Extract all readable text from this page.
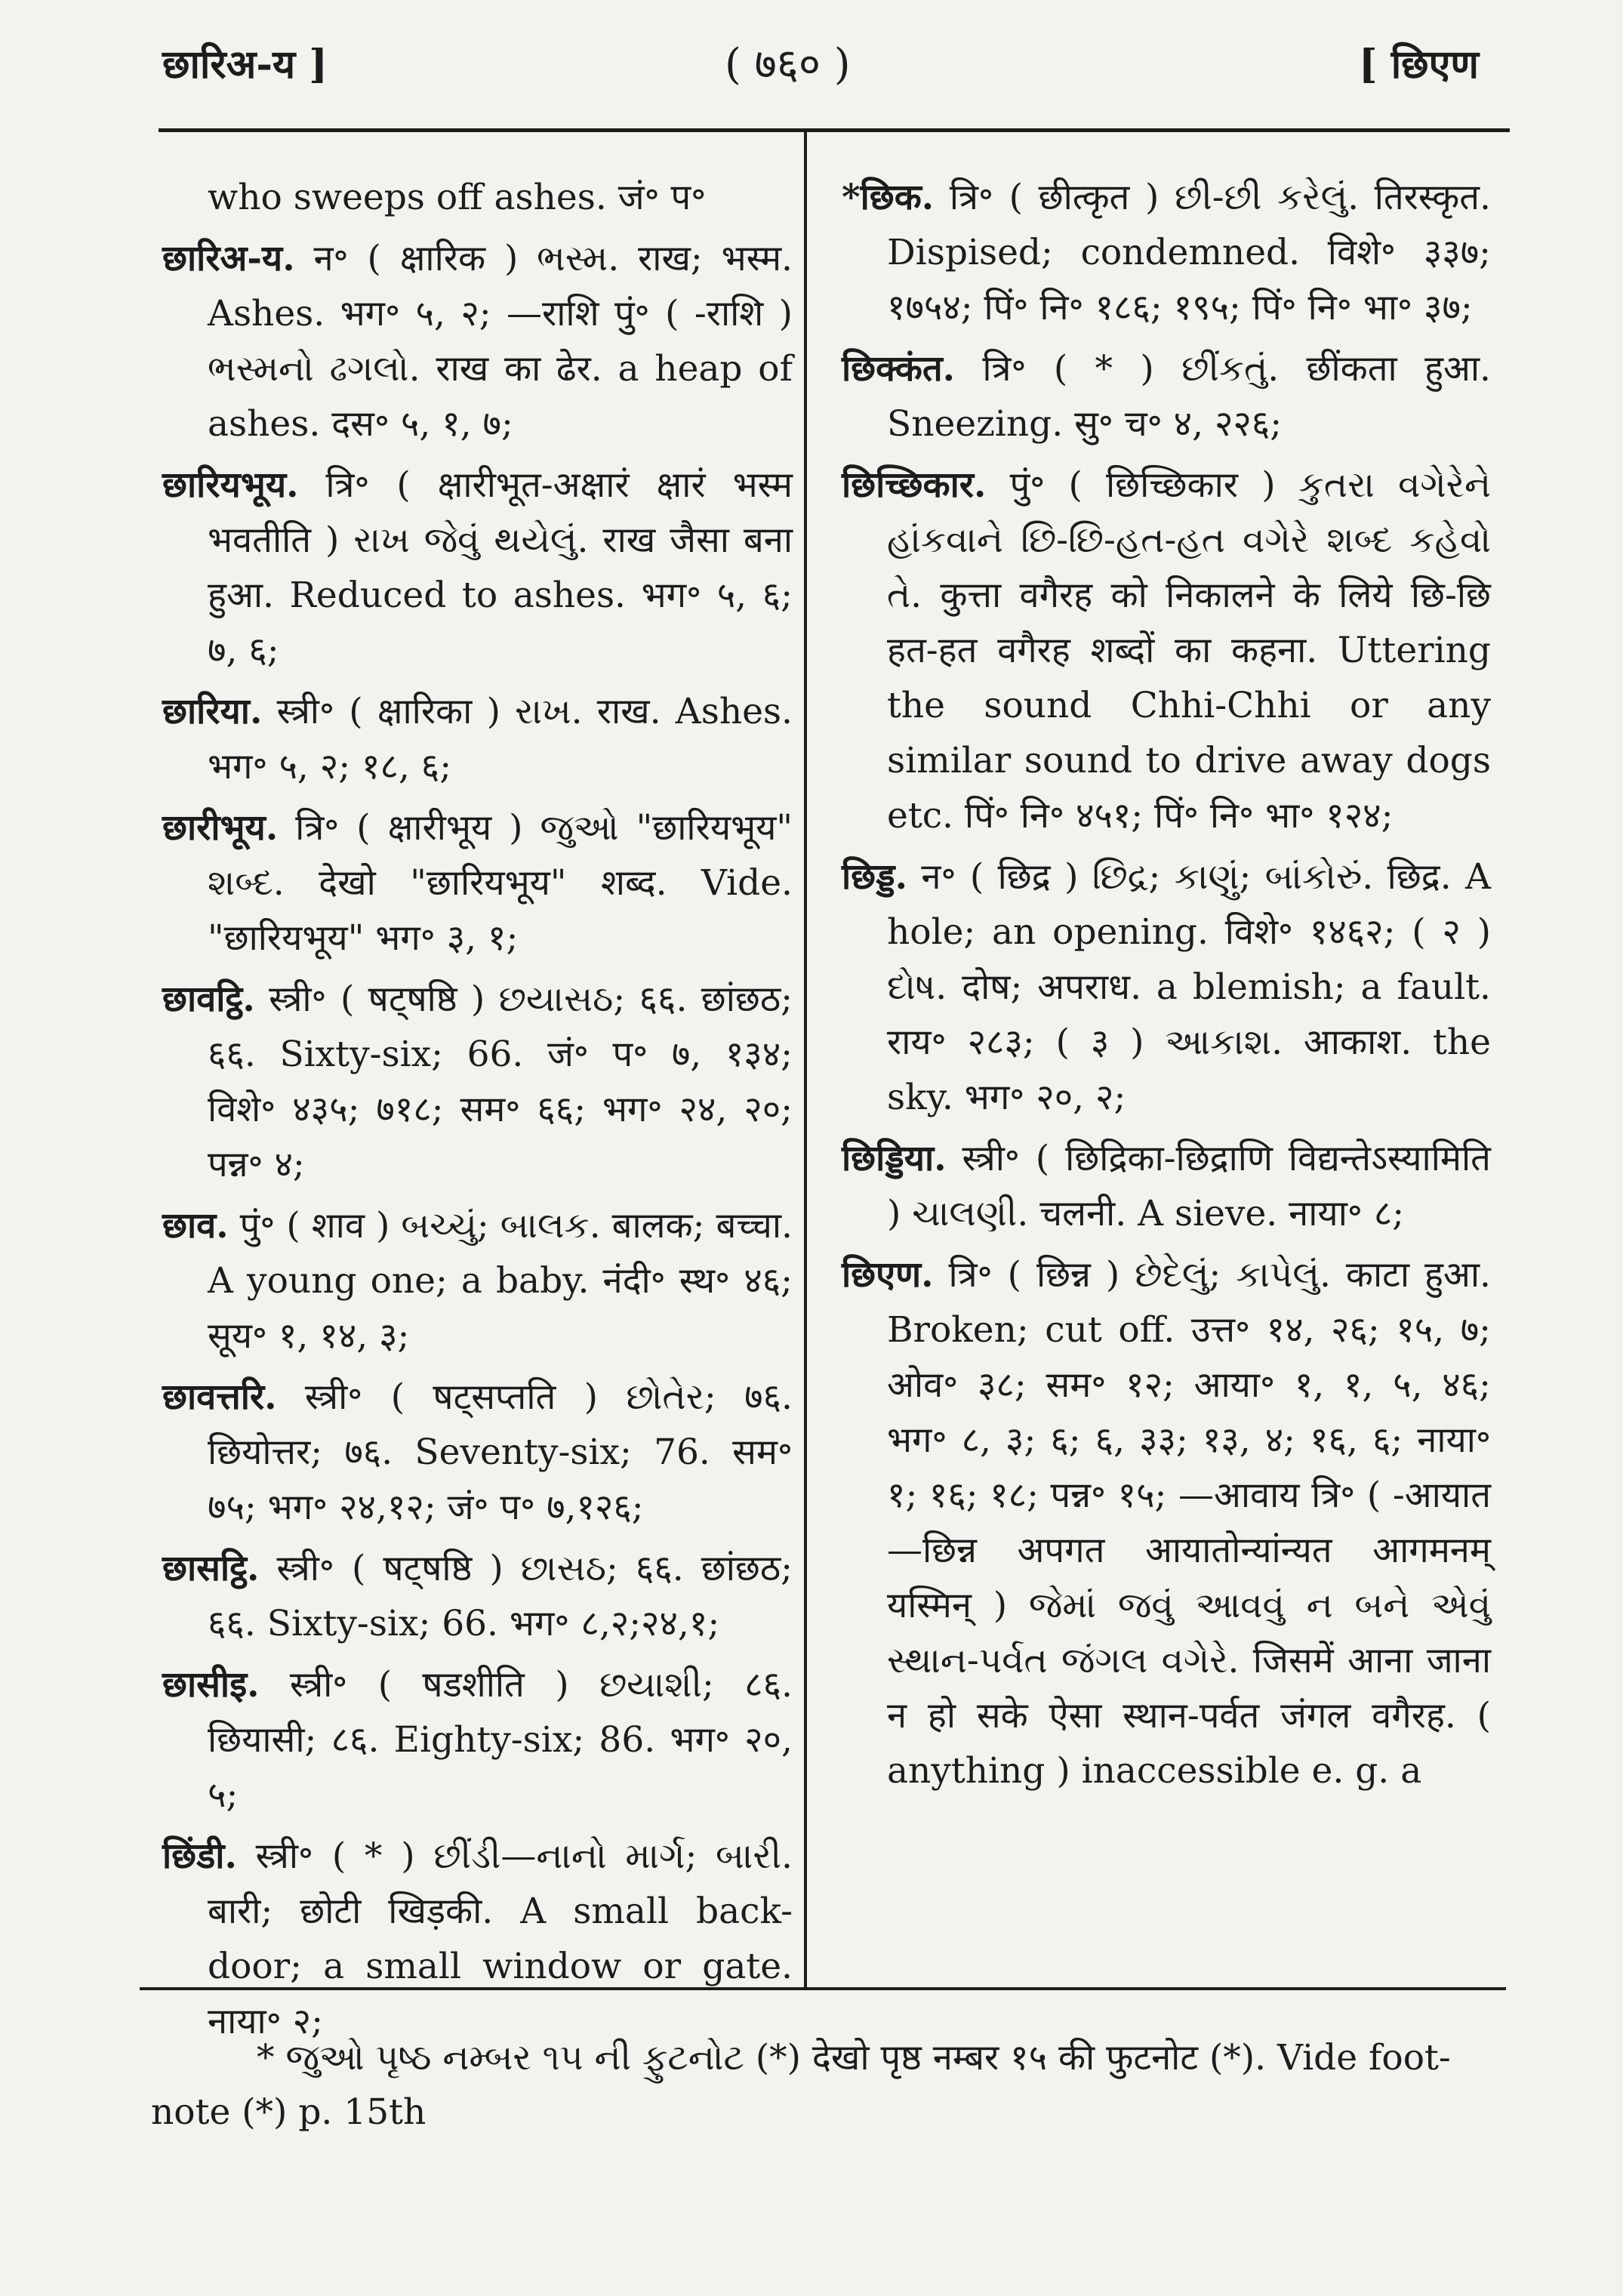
छारिअ-य ]	( ७६० )	[ छिएण

who sweeps off ashes. जं॰ प॰

छारिअ-य. न॰ ( क्षारिक ) ભસ્મ. राख; भस्म. Ashes. भग॰ ५, २; —राशि पुं॰ ( -राशि ) ભસ્મનો ઢગલો. राख का ढेर. a heap of ashes. दस॰ ५, १, ७;

छारियभूय. त्रि॰ ( क्षारीभूत-अक्षारं क्षारं भस्म भवतीति ) રાખ જેવું થયેલું. राख जैसा बना हुआ. Reduced to ashes. भग॰ ५, ६; ७, ६;

छारिया. स्त्री॰ ( क्षारिका ) રાખ. राख. Ashes. भग॰ ५, २; १८, ६;

छारीभूय. त्रि॰ ( क्षारीभूय ) જુઓ "छारियभूय" શબ્દ. देखो "छारियभूय" शब्द. Vide. "छारियभूय" भग॰ ३, १;

छावट्ठि. स्त्री॰ ( षट्षष्ठि ) છયાસઠ; ६६. छांछठ; ६६. Sixty-six; 66. जं॰ प॰ ७, १३४; विशे॰ ४३५; ७१८; सम॰ ६६; भग॰ २४, २०; पन्न॰ ४;

छाव. पुं॰ ( शाव ) બચ્ચું; બાલક. बालक; बच्चा. A young one; a baby. नंदी॰ स्थ॰ ४६; सूय॰ १, १४, ३;

छावत्तरि. स्त्री॰ ( षट्सप्तति ) છોતેર; ७६. छियोत्तर; ७६. Seventy-six; 76. सम॰ ७५; भग॰ २४,१२; जं॰ प॰ ७,१२६;

छासट्ठि. स्त्री॰ ( षट्षष्ठि ) છાસઠ; ६६. छांछठ; ६६. Sixty-six; 66. भग॰ ८,२;२४,१;

छासीइ. स्त्री॰ ( षडशीति ) છયાશી; ८६. छियासी; ८६. Eighty-six; 86. भग॰ २०, ५;

छिंडी. स्त्री॰ ( * ) છીંડી—નાનો માર્ગ; બારી. बारी; छोटी खिड़की. A small back-door; a small window or gate. नाया॰ २;

*छिक. त्रि॰ ( छीत्कृत ) છી-છી કરેલું. तिरस्कृत. Dispised; condemned. विशे॰ ३३७; १७५४; पिं॰ नि॰ १८६; १९५; पिं॰ नि॰ भा॰ ३७;

छिक्कंत. त्रि॰ ( * ) છીંકતું. छींकता हुआ. Sneezing. सु॰ च॰ ४, २२६;

छिच्छिकार. पुं॰ ( छिच्छिकार ) કુતરા વગેરેને હાંકવાને છિ-છિ-હત-હત વગેરે શબ્દ કહેવો તે. कुत्ता वगैरह को निकालने के लिये छि-छि हत-हत वगैरह शब्दों का कहना. Uttering the sound Chhi-Chhi or any similar sound to drive away dogs etc. पिं॰ नि॰ ४५१; पिं॰ नि॰ भा॰ १२४;

छिड्ड. न॰ ( छिद्र ) છિદ્ર; કાણું; બાંકોરું. छिद्र. A hole; an opening. विशे॰ १४६२; ( २ ) દોષ. दोष; अपराध. a blemish; a fault. राय॰ २८३; ( ३ ) આકાશ. आकाश. the sky. भग॰ २०, २;

छिड्डिया. स्त्री॰ ( छिद्रिका-छिद्राणि विद्यन्तेऽस्यामिति ) ચાલણી. चलनी. A sieve. नाया॰ ८;

छिएण. त्रि॰ ( छिन्न ) છેદેલું; કાપેલું. काटा हुआ. Broken; cut off. उत्त॰ १४, २६; १५, ७; ओव॰ ३८; सम॰ १२; आया॰ १, १, ५, ४६; भग॰ ८, ३; ६; ६, ३३; १३, ४; १६, ६; नाया॰ १; १६; १८; पन्न॰ १५; —आवाय त्रि॰ ( -आयात—छिन्न अपगत आयातोन्यांन्यत आगमनम् यस्मिन् ) જેમાં જવું આવવું ન બને એવું સ્થાન-પર્વત જંગલ વગેરે. जिसमें आना जाना न हो सके ऐसा स्थान-पर्वत जंगल वगैरह. ( anything ) inaccessible e. g. a

* જુઓ પૃષ્ઠ નમ્બર ૧૫ ની ફુટનોટ (*) देखो पृष्ठ नम्बर १५ की फुटनोट (*). Vide foot-note (*) p. 15th
